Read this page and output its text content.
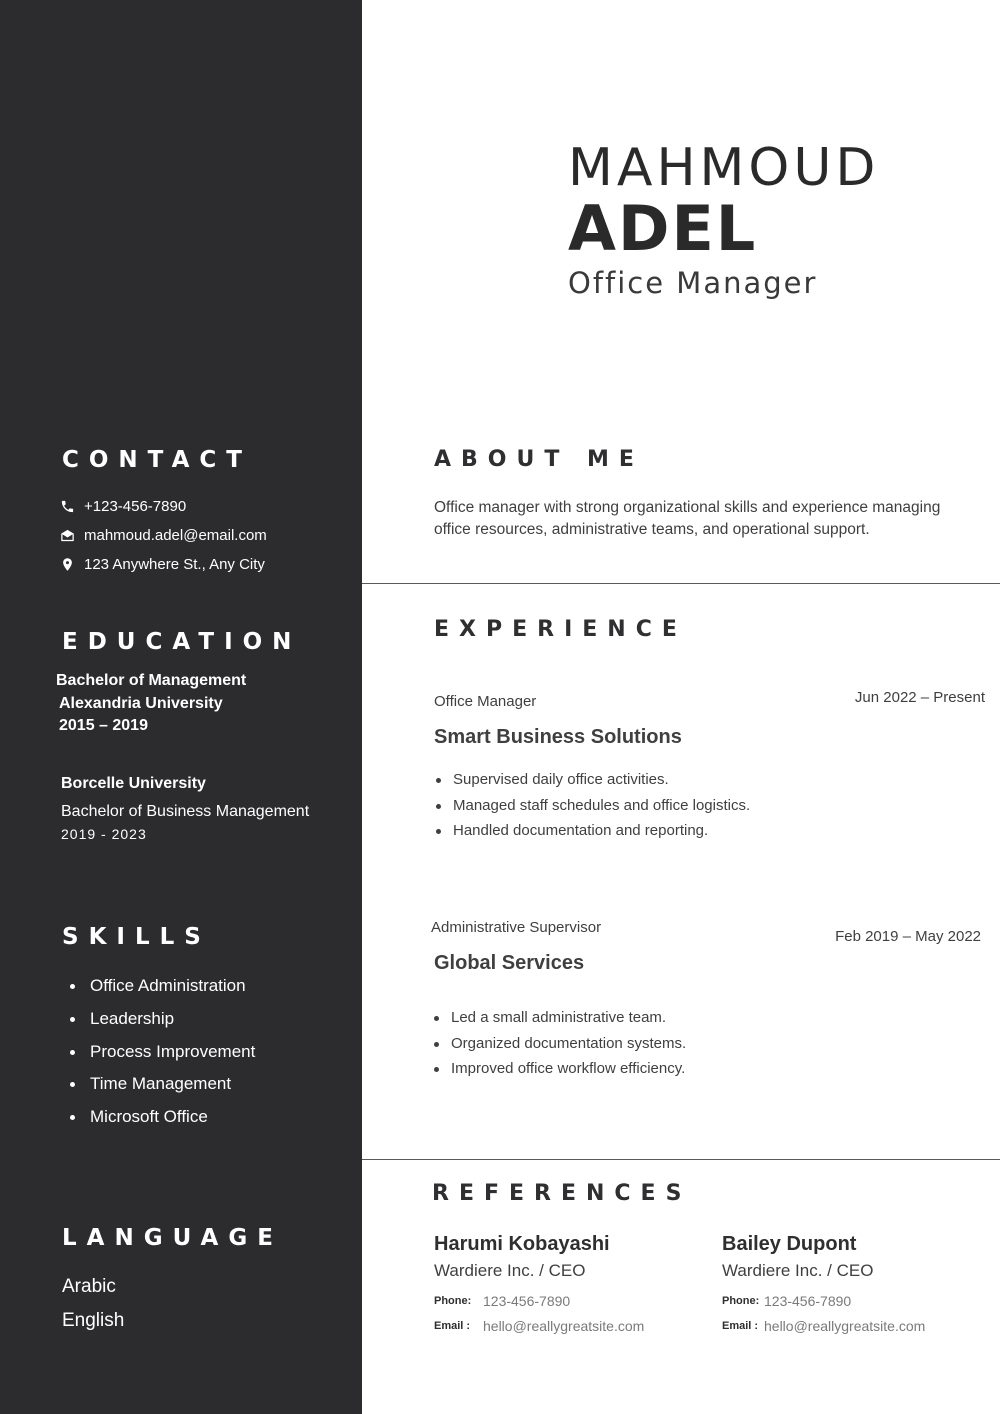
CONTACT
+123-456-7890
mahmoud.adel@email.com
123 Anywhere St., Any City
EDUCATION
Bachelor of Management
Alexandria University
2015 – 2019
Borcelle University
Bachelor of Business Management
2019 - 2023
SKILLS
Office Administration
Leadership
Process Improvement
Time Management
Microsoft Office
LANGUAGE
Arabic
English
MAHMOUD
ADEL
Office Manager
ABOUT ME
Office manager with strong organizational skills and experience managing office resources, administrative teams, and operational support.
EXPERIENCE
Office Manager	Jun 2022 – Present
Smart Business Solutions
Supervised daily office activities.
Managed staff schedules and office logistics.
Handled documentation and reporting.
Administrative Supervisor
Feb 2019 – May 2022
Global Services
Led a small administrative team.
Organized documentation systems.
Improved office workflow efficiency.
REFERENCES
Harumi Kobayashi
Wardiere Inc. / CEO
Phone: 123-456-7890
Email : hello@reallygreatsite.com
Bailey Dupont
Wardiere Inc. / CEO
Phone: 123-456-7890
Email : hello@reallygreatsite.com
